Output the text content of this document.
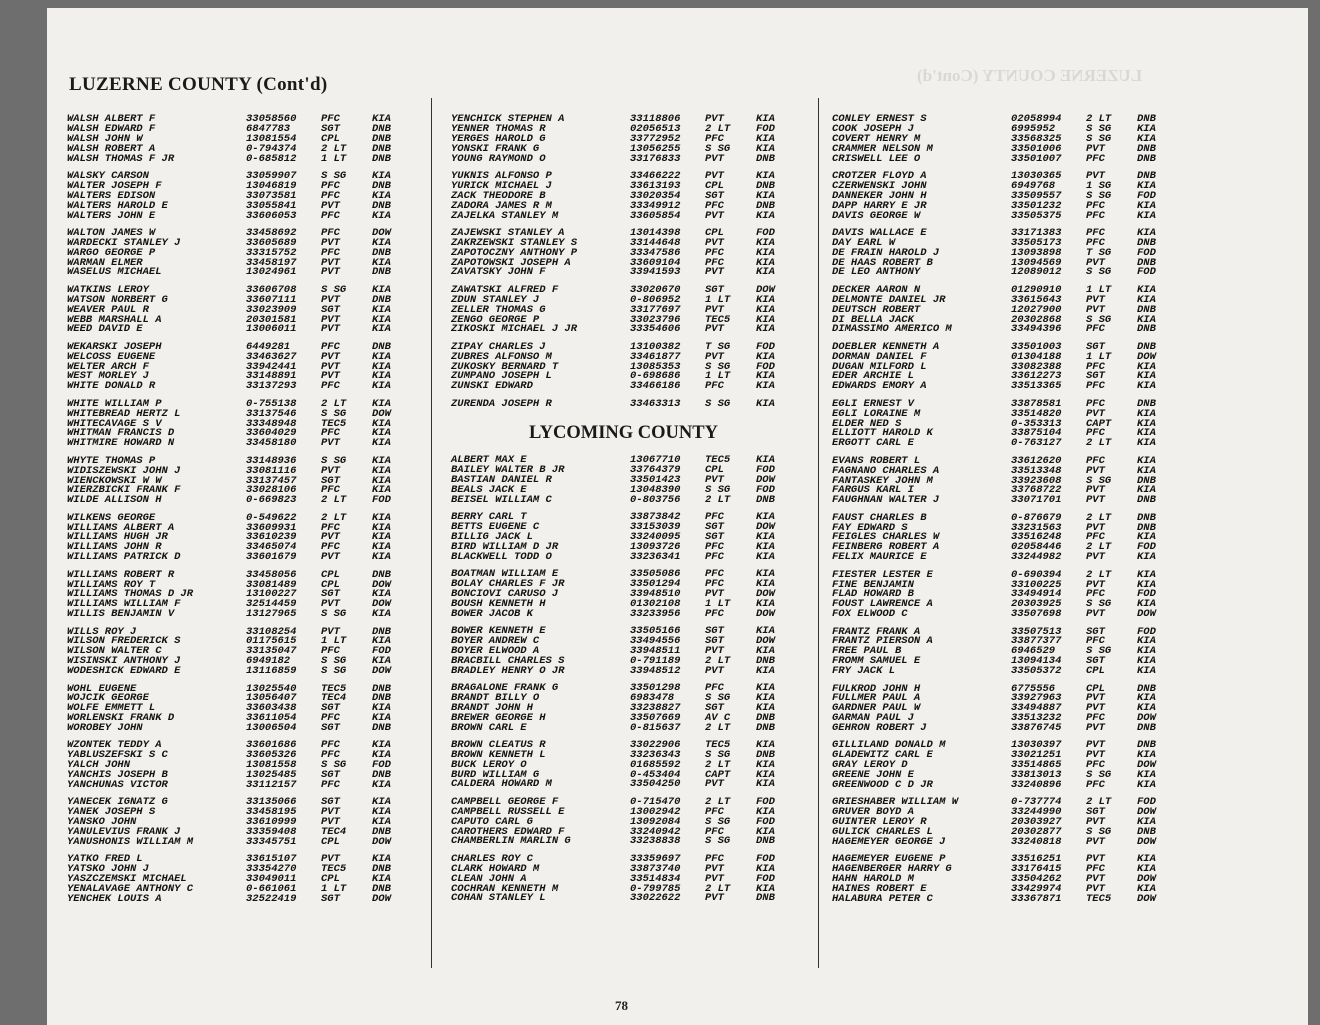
LUZERNE COUNTY (Cont'd)
LUZERNE COUNTY (Cont'd)
WALSH ALBERT F	33058560 PFC	KIA
WALSH EDWARD F	6847783	SGT	DNB
WALSH JOHN W	13081554 CPL	DNB
WALSH ROBERT A	0-794374 2 LT DNB
WALSH THOMAS F JR	0-685812 1 LT DNB
WALSKY CARSON	33059907 S SG KIA
WALTER JOSEPH F	13046819 PFC	DNB
WALTERS EDISON	33073581 PFC	KIA
WALTERS HAROLD E	33055841 PVT	DNB
WALTERS JOHN E	33606053 PFC	KIA
WALTON JAMES W	33458692 PFC	DOW
WARDECKI STANLEY J	33605689 PVT	KIA
WARGO GEORGE P	33315752 PFC	DNB
WARMAN ELMER	33458197 PVT	KIA
WASELUS MICHAEL	13024961 PVT	DNB
WATKINS LEROY	33606708 S SG KIA
WATSON NORBERT G	33607111 PVT	DNB
WEAVER PAUL R	33023909 SGT	KIA
WEBB MARSHALL A	20301581 PVT	KIA
WEED DAVID E	13006011 PVT	KIA
WEKARSKI JOSEPH	6449281	PFC	DNB
WELCOSS EUGENE	33463627 PVT	KIA
WELTER ARCH F	33942441 PVT	KIA
WEST MORLEY J	33148891 PVT	KIA
WHITE DONALD R	33137293 PFC	KIA
WHITE WILLIAM P	0-755138 2 LT KIA
WHITEBREAD HERTZ L	33137546 S SG DOW
WHITECAVAGE S V	33348948 TEC5 KIA
WHITMAN FRANCIS D	33604029 PFC	KIA
WHITMIRE HOWARD N	33458180 PVT	KIA
WHYTE THOMAS P	33148936 S SG KIA
WIDISZEWSKI JOHN J	33081116 PVT	KIA
WIENCKOWSKI W W	33137457 SGT	KIA
WIERZBICKI FRANK F	33028106 PFC	KIA
WILDE ALLISON H	0-669823 2 LT FOD
WILKENS GEORGE	0-549622 2 LT KIA
WILLIAMS ALBERT A	33609931 PFC	KIA
WILLIAMS HUGH JR	33610239 PVT	KIA
WILLIAMS JOHN R	33465074 PFC	KIA
WILLIAMS PATRICK D	33601679 PVT	KIA
WILLIAMS ROBERT R	33458056 CPL	DNB
WILLIAMS ROY T	33081489 CPL	DOW
WILLIAMS THOMAS D JR	13100227 SGT	KIA
WILLIAMS WILLIAM F	32514459 PVT	DOW
WILLIS BENJAMIN V	13127965 S SG KIA
WILLS ROY J	33108254 PVT	DNB
WILSON FREDERICK S	01175615 1 LT KIA
WILSON WALTER C	33135047 PFC	FOD
WISINSKI ANTHONY J	6949182	S SG KIA
WODESHICK EDWARD E	13116859 S SG DOW
WOHL EUGENE	13025540 TEC5 DNB
WOJCIK GEORGE	13056407 TEC4 DNB
WOLFE EMMETT L	33603438 SGT	KIA
WORLENSKI FRANK D	33611054 PFC	KIA
WOROBEY JOHN	13006504 SGT	DNB
WZONTEK TEDDY A	33601686 PFC	KIA
YABLUSZEFSKI S C	33605326 PFC	KIA
YALCH JOHN	13081558 S SG FOD
YANCHIS JOSEPH B	13025485 SGT	DNB
YANCHUNAS VICTOR	33112157 PFC	KIA
YANECEK IGNATZ G	33135066 SGT	KIA
YANEK JOSEPH S	33458195 PVT	KIA
YANSKO JOHN	33610999 PVT	KIA
YANULEVIUS FRANK J	33359408 TEC4 DNB
YANUSHONIS WILLIAM M	33345751 CPL	DOW
YATKO FRED L	33615107 PVT	KIA
YATSKO JOHN J	33354270 TEC5 DNB
YASZCZEMSKI MICHAEL	33049011 CPL	KIA
YENALAVAGE ANTHONY C	0-661061 1 LT DNB
YENCHEK LOUIS A	32522419 SGT	DOW
YENCHICK STEPHEN A	33118806 PVT	KIA
YENNER THOMAS R	02056513 2 LT FOD
YERGES HAROLD G	33772952 PFC	KIA
YONSKI FRANK G	13056255 S SG KIA
YOUNG RAYMOND O	33176833 PVT	DNB
YUKNIS ALFONSO P	33466222 PVT	KIA
YURICK MICHAEL J	33613193 CPL	DNB
ZACK THEODORE B	33020354 SGT	KIA
ZADORA JAMES R M	33349912 PFC	DNB
ZAJELKA STANLEY M	33605854 PVT	KIA
ZAJEWSKI STANLEY A	13014398 CPL	FOD
ZAKRZEWSKI STANLEY S	33144648 PVT	KIA
ZAPOTOCZNY ANTHONY P	33347586 PFC	KIA
ZAPOTOWSKI JOSEPH A	33609104 PFC	KIA
ZAVATSKY JOHN F	33941593 PVT	KIA
ZAWATSKI ALFRED F	33020670 SGT	DOW
ZDUN STANLEY J	0-806952 1 LT KIA
ZELLER THOMAS G	33177697 PVT	KIA
ZENGO GEORGE P	33023796 TEC5 KIA
ZIKOSKI MICHAEL J JR	33354606 PVT	KIA
ZIPAY CHARLES J	13100382 T SG FOD
ZUBRES ALFONSO M	33461877 PVT	KIA
ZUKOSKY BERNARD T	13085353 S SG FOD
ZUMPANO JOSEPH L	0-698686 1 LT KIA
ZUNSKI EDWARD	33466186 PFC	KIA
ZURENDA JOSEPH R	33463313 S SG KIA
LYCOMING COUNTY
ALBERT MAX E	13067710 TEC5 KIA
BAILEY WALTER B JR	33764379 CPL	FOD
BASTIAN DANIEL R	33501423 PVT	DOW
BEALS JACK E	13048390 S SG FOD
BEISEL WILLIAM C	0-803756 2 LT DNB
BERRY CARL T	33873842 PFC	KIA
BETTS EUGENE C	33153039 SGT	DOW
BILLIG JACK L	33240095 SGT	KIA
BIRD WILLIAM D JR	13093726 PFC	KIA
BLACKWELL TODD O	33236341 PFC	KIA
BOATMAN WILLIAM E	33505086 PFC	KIA
BOLAY CHARLES F JR	33501294 PFC	KIA
BONCIOVI CARUSO J	33948510 PVT	DOW
BOUSH KENNETH H	01302108 1 LT KIA
BOWER JACOB K	33233956 PFC	DOW
BOWER KENNETH E	33505166 SGT	KIA
BOYER ANDREW C	33494556 SGT	DOW
BOYER ELWOOD A	33948511 PVT	KIA
BRACBILL CHARLES S	0-791189 2 LT DNB
BRADLEY HENRY O JR	33948512 PVT	KIA
BRAGALONE FRANK G	33501298 PFC	KIA
BRANDT BILLY O	6983478	S SG KIA
BRANDT JOHN H	33238827 SGT	KIA
BREWER GEORGE H	33507669 AV C DNB
BROWN CARL E	0-815637 2 LT DNB
BROWN CLEATUS R	33022906 TEC5 KIA
BROWN KENNETH L	33236343 S SG DNB
BUCK LEROY O	01685592 2 LT KIA
BURD WILLIAM G	0-453404 CAPT KIA
CALDERA HOWARD M	33504250 PVT	KIA
CAMPBELL GEORGE F	0-715470 2 LT FOD
CAMPBELL RUSSELL E	13002942 PFC	KIA
CAPUTO CARL G	13092084 S SG FOD
CAROTHERS EDWARD F	33240942 PFC	KIA
CHAMBERLIN MARLIN G	33238838 S SG DNB
CHARLES ROY C	33359697 PFC	FOD
CLARK HOWARD M	33873740 PVT	KIA
CLEAN JOHN A	33514834 PVT	FOD
COCHRAN KENNETH M	0-799785 2 LT KIA
COHAN STANLEY L	33022622 PVT	DNB
CONLEY ERNEST S	02058994 2 LT DNB
COOK JOSEPH J	6995952	S SG KIA
COVERT HENRY M	33568325 S SG KIA
CRAMMER NELSON M	33501006 PVT	DNB
CRISWELL LEE O	33501007 PFC	DNB
CROTZER FLOYD A	13030365 PVT	DNB
CZERWENSKI JOHN	6949768	1 SG KIA
DANNEKER JOHN H	33509557 S SG FOD
DAPP HARRY E JR	33501232 PFC	KIA
DAVIS GEORGE W	33505375 PFC	KIA
DAVIS WALLACE E	33171383 PFC	KIA
DAY EARL W	33505173 PFC	DNB
DE FRAIN HAROLD J	13093898 T SG FOD
DE HAAS ROBERT B	13094569 PVT	DNB
DE LEO ANTHONY	12089012 S SG FOD
DECKER AARON N	01290910 1 LT KIA
DELMONTE DANIEL JR	33615643 PVT	KIA
DEUTSCH ROBERT	12027900 PVT	DNB
DI BELLA JACK	20302868 S SG KIA
DIMASSIMO AMERICO M	33494396 PFC	DNB
DOEBLER KENNETH A	33501003 SGT	DNB
DORMAN DANIEL F	01304188 1 LT DOW
DUGAN MILFORD L	33082388 PFC	KIA
EDER ARCHIE L	33612273 SGT	KIA
EDWARDS EMORY A	33513365 PFC	KIA
EGLI ERNEST V	33878581 PFC	DNB
EGLI LORAINE M	33514820 PVT	KIA
ELDER NED S	0-353313 CAPT KIA
ELLIOTT HAROLD K	33875104 PFC	KIA
ERGOTT CARL E	0-763127 2 LT KIA
EVANS ROBERT L	33612620 PFC	KIA
FAGNANO CHARLES A	33513348 PVT	KIA
FANTASKEY JOHN M	33923608 S SG DNB
FARGUS KARL I	33768722 PVT	KIA
FAUGHNAN WALTER J	33071701 PVT	DNB
FAUST CHARLES B	0-876679 2 LT DNB
FAY EDWARD S	33231563 PVT	DNB
FEIGLES CHARLES W	33516248 PFC	KIA
FEINBERG ROBERT A	02058446 2 LT FOD
FELIX MAURICE E	33244982 PVT	KIA
FIESTER LESTER E	0-690394 2 LT KIA
FINE BENJAMIN	33100225 PVT	KIA
FLAD HOWARD B	33494914 PFC	FOD
FOUST LAWRENCE A	20303925 S SG KIA
FOX ELWOOD C	33507698 PVT	DOW
FRANTZ FRANK A	33507513 SGT	FOD
FRANTZ PIERSON A	33877377 PFC	KIA
FREE PAUL B	6946529	S SG KIA
FROMM SAMUEL E	13094134 SGT	KIA
FRY JACK L	33505372 CPL	KIA
FULKROD JOHN H	6775556	CPL	DNB
FULLMER PAUL A	33927963 PVT	KIA
GARDNER PAUL W	33494887 PVT	KIA
GARMAN PAUL J	33513232 PFC	DOW
GEHRON ROBERT J	33876745 PVT	DNB
GILLILAND DONALD M	13030397 PVT	DNB
GLADEWITZ CARL E	33021251 PVT	KIA
GRAY LEROY D	33514865 PFC	DOW
GREENE JOHN E	33813013 S SG KIA
GREENWOOD C D JR	33240896 PFC	KIA
GRIESHABER WILLIAM W	0-737774 2 LT FOD
GRUVER BOYD A	33244990 SGT	DOW
GUINTER LEROY R	20303927 PVT	KIA
GULICK CHARLES L	20302877 S SG DNB
HAGEMEYER GEORGE J	33240818 PVT	DOW
HAGEMEYER EUGENE P	33516251 PVT	KIA
HAGENBERGER HARRY G	33176415 PFC	KIA
HAHN HAROLD M	33504262 PVT	DOW
HAINES ROBERT E	33429974 PVT	KIA
HALABURA PETER C	33367871 TEC5 DOW
78
